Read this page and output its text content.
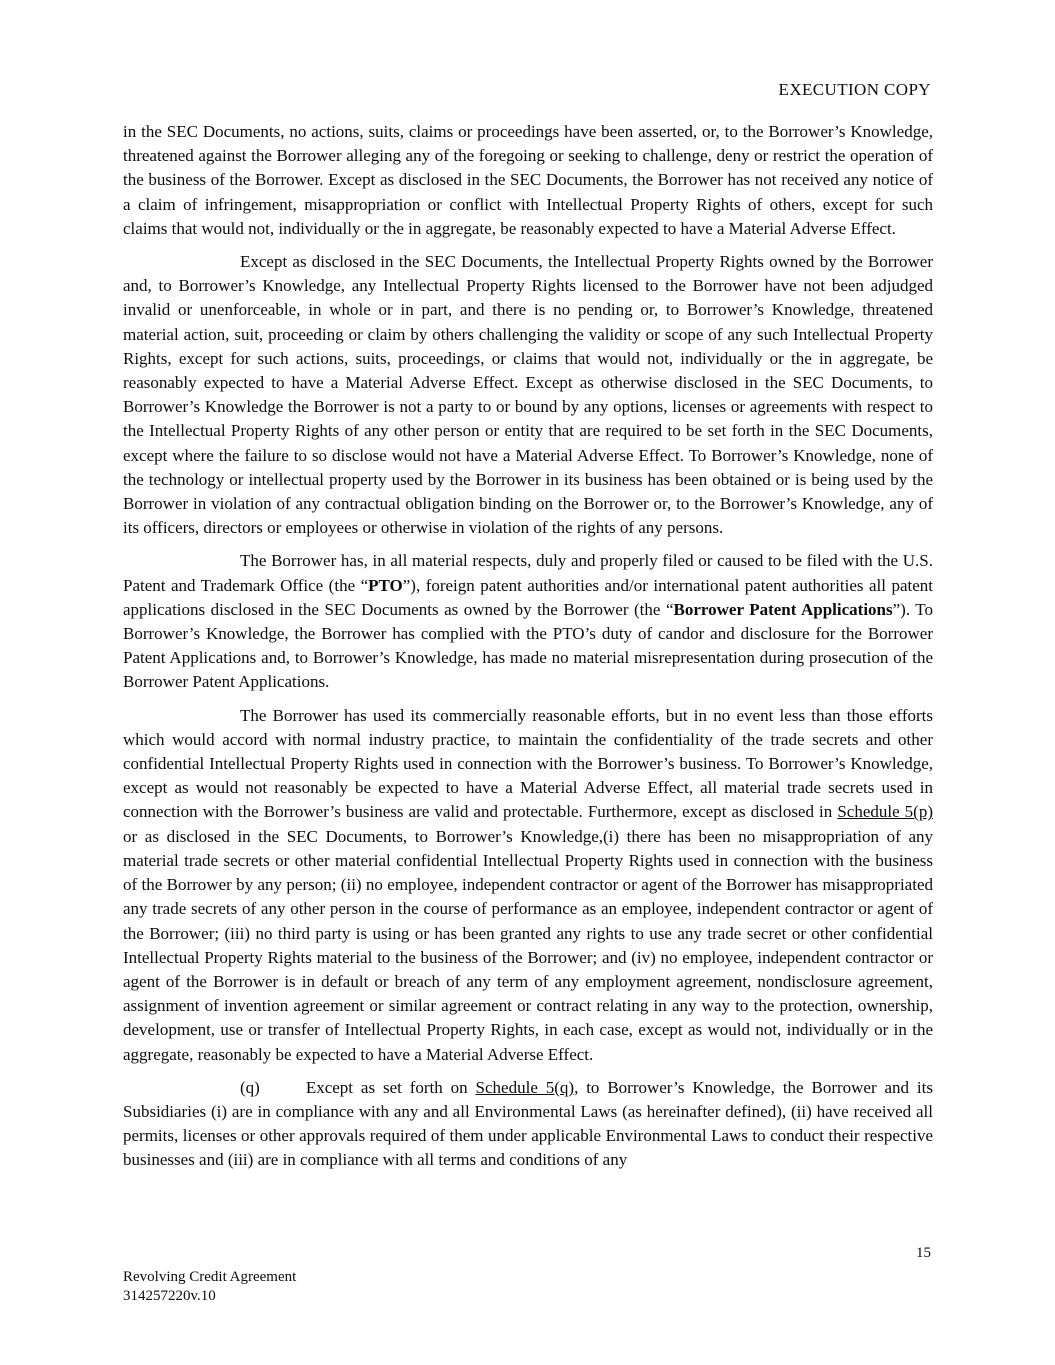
EXECUTION COPY

in the SEC Documents, no actions, suits, claims or proceedings have been asserted, or, to the Borrower’s Knowledge, threatened against the Borrower alleging any of the foregoing or seeking to challenge, deny or restrict the operation of the business of the Borrower. Except as disclosed in the SEC Documents, the Borrower has not received any notice of a claim of infringement, misappropriation or conflict with Intellectual Property Rights of others, except for such claims that would not, individually or the in aggregate, be reasonably expected to have a Material Adverse Effect.

Except as disclosed in the SEC Documents, the Intellectual Property Rights owned by the Borrower and, to Borrower’s Knowledge, any Intellectual Property Rights licensed to the Borrower have not been adjudged invalid or unenforceable, in whole or in part, and there is no pending or, to Borrower’s Knowledge, threatened material action, suit, proceeding or claim by others challenging the validity or scope of any such Intellectual Property Rights, except for such actions, suits, proceedings, or claims that would not, individually or the in aggregate, be reasonably expected to have a Material Adverse Effect. Except as otherwise disclosed in the SEC Documents, to Borrower’s Knowledge the Borrower is not a party to or bound by any options, licenses or agreements with respect to the Intellectual Property Rights of any other person or entity that are required to be set forth in the SEC Documents, except where the failure to so disclose would not have a Material Adverse Effect. To Borrower’s Knowledge, none of the technology or intellectual property used by the Borrower in its business has been obtained or is being used by the Borrower in violation of any contractual obligation binding on the Borrower or, to the Borrower’s Knowledge, any of its officers, directors or employees or otherwise in violation of the rights of any persons.

The Borrower has, in all material respects, duly and properly filed or caused to be filed with the U.S. Patent and Trademark Office (the “PTO”), foreign patent authorities and/or international patent authorities all patent applications disclosed in the SEC Documents as owned by the Borrower (the “Borrower Patent Applications”). To Borrower’s Knowledge, the Borrower has complied with the PTO’s duty of candor and disclosure for the Borrower Patent Applications and, to Borrower’s Knowledge, has made no material misrepresentation during prosecution of the Borrower Patent Applications.

The Borrower has used its commercially reasonable efforts, but in no event less than those efforts which would accord with normal industry practice, to maintain the confidentiality of the trade secrets and other confidential Intellectual Property Rights used in connection with the Borrower’s business. To Borrower’s Knowledge, except as would not reasonably be expected to have a Material Adverse Effect, all material trade secrets used in connection with the Borrower’s business are valid and protectable. Furthermore, except as disclosed in Schedule 5(p) or as disclosed in the SEC Documents, to Borrower’s Knowledge,(i) there has been no misappropriation of any material trade secrets or other material confidential Intellectual Property Rights used in connection with the business of the Borrower by any person; (ii) no employee, independent contractor or agent of the Borrower has misappropriated any trade secrets of any other person in the course of performance as an employee, independent contractor or agent of the Borrower; (iii) no third party is using or has been granted any rights to use any trade secret or other confidential Intellectual Property Rights material to the business of the Borrower; and (iv) no employee, independent contractor or agent of the Borrower is in default or breach of any term of any employment agreement, nondisclosure agreement, assignment of invention agreement or similar agreement or contract relating in any way to the protection, ownership, development, use or transfer of Intellectual Property Rights, in each case, except as would not, individually or in the aggregate, reasonably be expected to have a Material Adverse Effect.

(q)	Except as set forth on Schedule 5(q), to Borrower’s Knowledge, the Borrower and its Subsidiaries (i) are in compliance with any and all Environmental Laws (as hereinafter defined), (ii) have received all permits, licenses or other approvals required of them under applicable Environmental Laws to conduct their respective businesses and (iii) are in compliance with all terms and conditions of any

15
Revolving Credit Agreement
314257220v.10
